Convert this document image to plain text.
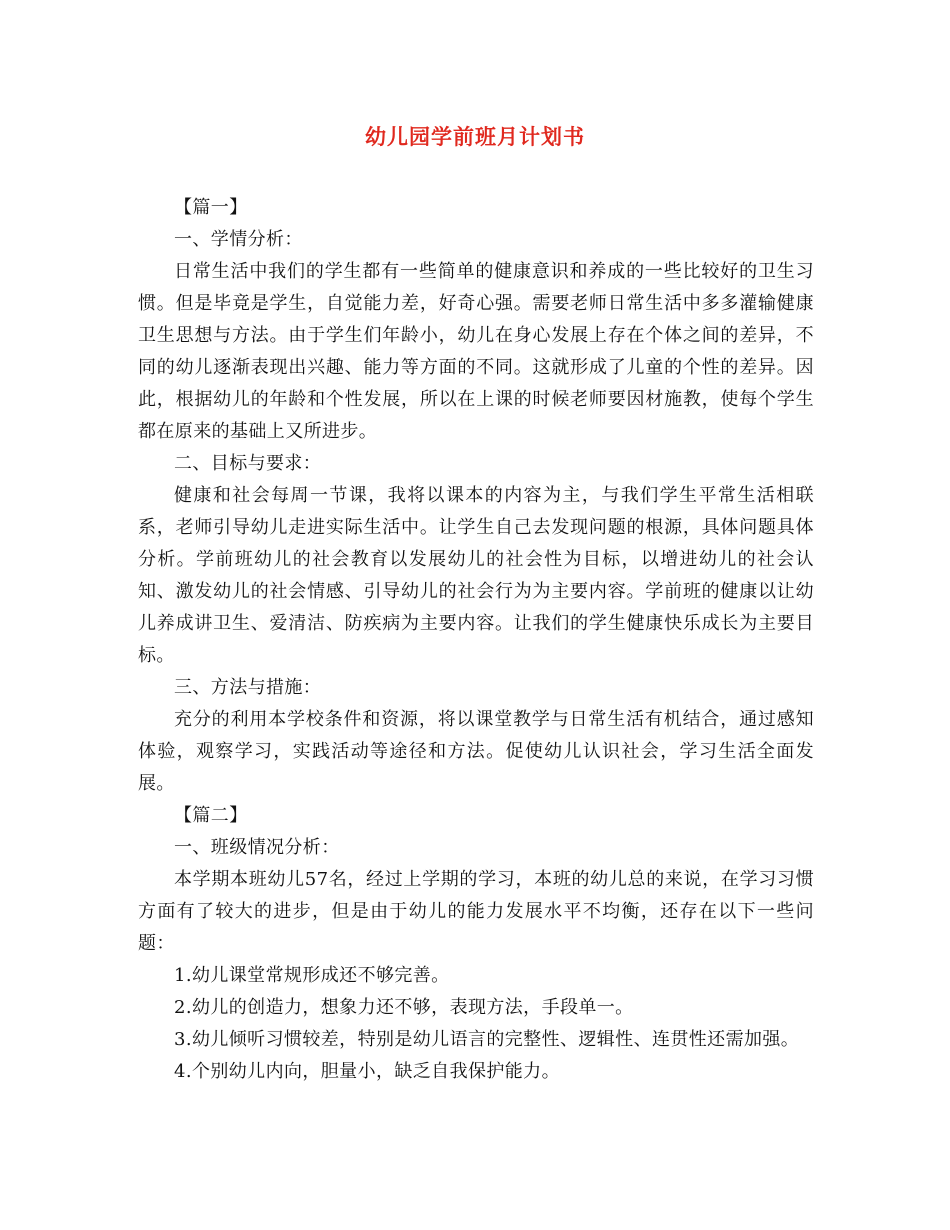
幼儿园学前班月计划书

【篇一】

一、学情分析：

日常生活中我们的学生都有一些简单的健康意识和养成的一些比较好的卫生习惯。但是毕竟是学生，自觉能力差，好奇心强。需要老师日常生活中多多灌输健康卫生思想与方法。由于学生们年龄小，幼儿在身心发展上存在个体之间的差异，不同的幼儿逐渐表现出兴趣、能力等方面的不同。这就形成了儿童的个性的差异。因此，根据幼儿的年龄和个性发展，所以在上课的时候老师要因材施教，使每个学生都在原来的基础上又所进步。

二、目标与要求：

健康和社会每周一节课，我将以课本的内容为主，与我们学生平常生活相联系，老师引导幼儿走进实际生活中。让学生自己去发现问题的根源，具体问题具体分析。学前班幼儿的社会教育以发展幼儿的社会性为目标，以增进幼儿的社会认知、激发幼儿的社会情感、引导幼儿的社会行为为主要内容。学前班的健康以让幼儿养成讲卫生、爱清洁、防疾病为主要内容。让我们的学生健康快乐成长为主要目标。

三、方法与措施：

充分的利用本学校条件和资源，将以课堂教学与日常生活有机结合，通过感知体验，观察学习，实践活动等途径和方法。促使幼儿认识社会，学习生活全面发展。

【篇二】

一、班级情况分析：

本学期本班幼儿57名，经过上学期的学习，本班的幼儿总的来说，在学习习惯方面有了较大的进步，但是由于幼儿的能力发展水平不均衡，还存在以下一些问题：

1.幼儿课堂常规形成还不够完善。

2.幼儿的创造力，想象力还不够，表现方法，手段单一。

3.幼儿倾听习惯较差，特别是幼儿语言的完整性、逻辑性、连贯性还需加强。

4.个别幼儿内向，胆量小，缺乏自我保护能力。
